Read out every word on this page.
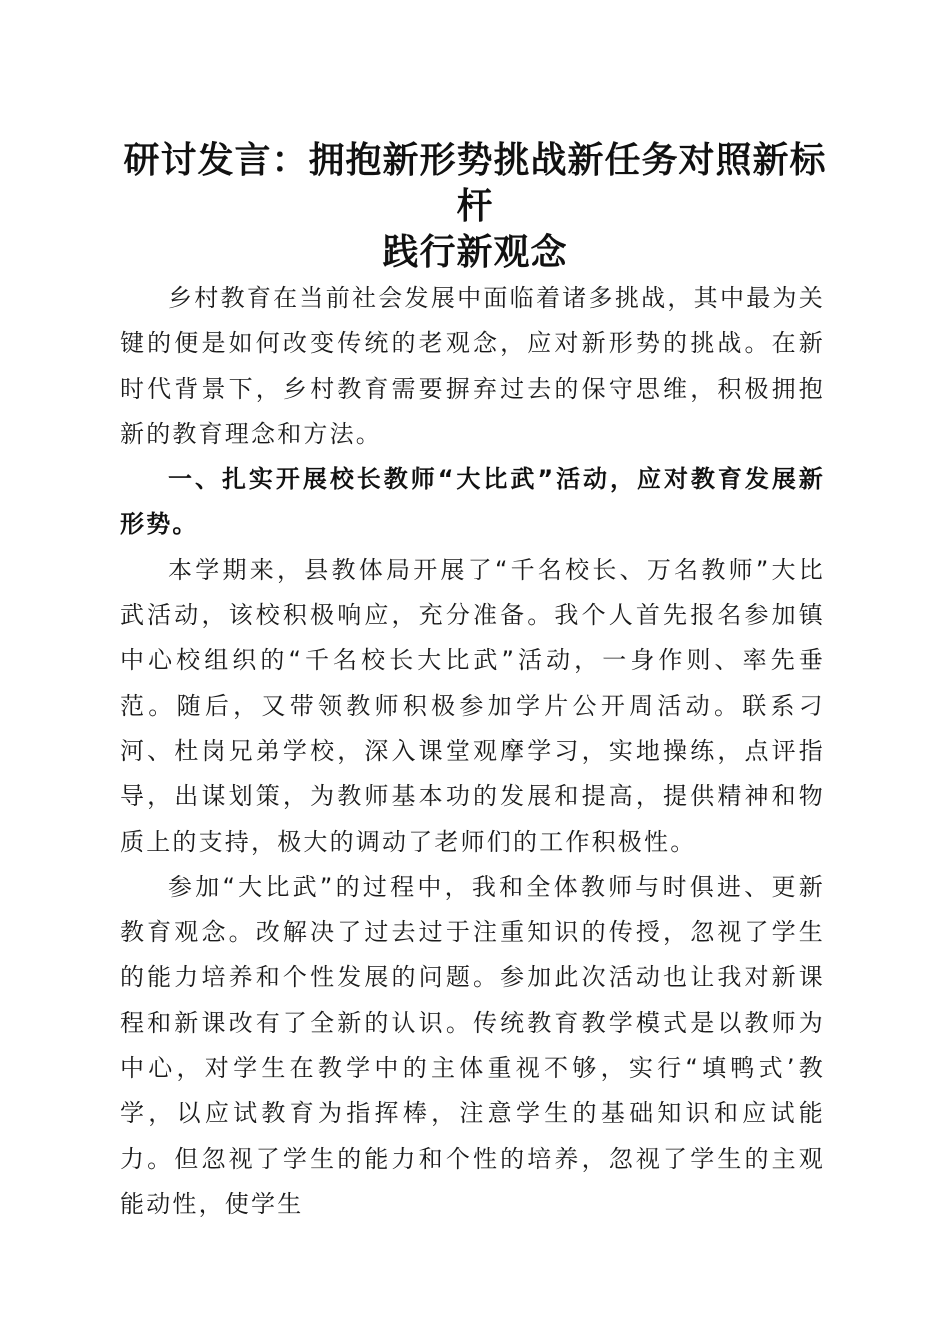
研讨发言：拥抱新形势挑战新任务对照新标杆
践行新观念

乡村教育在当前社会发展中面临着诸多挑战，其中最为关键的便是如何改变传统的老观念，应对新形势的挑战。在新时代背景下，乡村教育需要摒弃过去的保守思维，积极拥抱新的教育理念和方法。

一、扎实开展校长教师“大比武”活动，应对教育发展新形势。

本学期来，县教体局开展了“千名校长、万名教师”大比武活动，该校积极响应，充分准备。我个人首先报名参加镇中心校组织的“千名校长大比武”活动，一身作则、率先垂范。随后，又带领教师积极参加学片公开周活动。联系刁河、杜岗兄弟学校，深入课堂观摩学习，实地操练，点评指导，出谋划策，为教师基本功的发展和提高，提供精神和物质上的支持，极大的调动了老师们的工作积极性。

参加“大比武”的过程中，我和全体教师与时俱进、更新教育观念。改解决了过去过于注重知识的传授，忽视了学生的能力培养和个性发展的问题。参加此次活动也让我对新课程和新课改有了全新的认识。传统教育教学模式是以教师为中心，对学生在教学中的主体重视不够，实行“填鸭式’教学，以应试教育为指挥棒，注意学生的基础知识和应试能力。但忽视了学生的能力和个性的培养，忽视了学生的主观能动性，使学生
